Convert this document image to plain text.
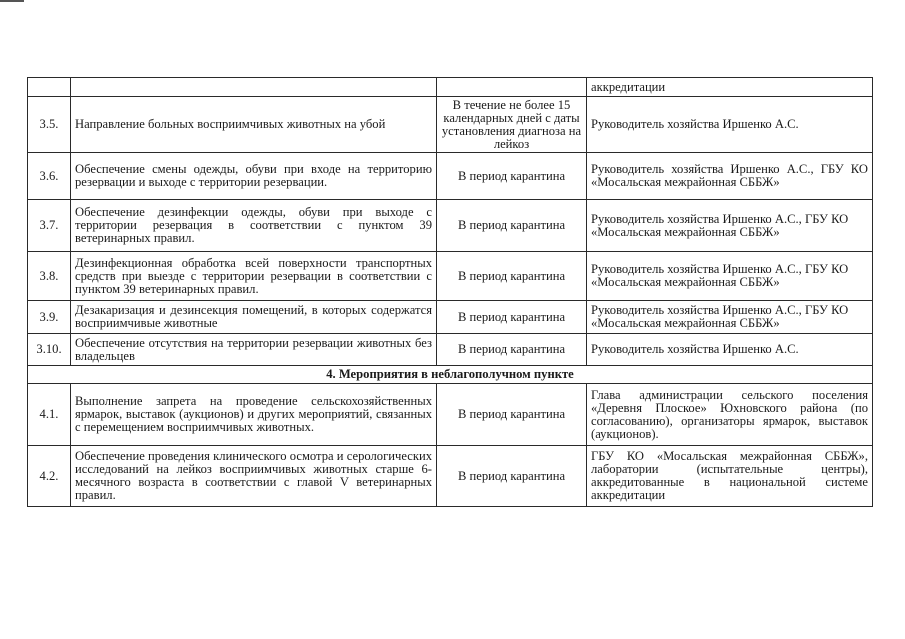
			аккредитации
3.5.	Направление больных восприимчивых животных на убой	В течение не более 15 календарных дней с даты установления диагноза на лейкоз	Руководитель хозяйства Иршенко А.С.
3.6.	Обеспечение смены одежды, обуви при входе на территорию резервации и выходе с территории резервации.	В период карантина	Руководитель хозяйства Иршенко А.С., ГБУ КО «Мосальская межрайонная СББЖ»
3.7.	Обеспечение дезинфекции одежды, обуви при выходе с территории резервация в соответствии с пунктом 39 ветеринарных правил.	В период карантина	Руководитель хозяйства Иршенко А.С., ГБУ КО «Мосальская межрайонная СББЖ»
3.8.	Дезинфекционная обработка всей поверхности транспортных средств при выезде с территории резервации в соответствии с пунктом 39 ветеринарных правил.	В период карантина	Руководитель хозяйства Иршенко А.С., ГБУ КО «Мосальская межрайонная СББЖ»
3.9.	Дезакаризация и дезинсекция помещений, в которых содержатся восприимчивые животные	В период карантина	Руководитель хозяйства Иршенко А.С., ГБУ КО «Мосальская межрайонная СББЖ»
3.10.	Обеспечение отсутствия на территории резервации животных без владельцев	В период карантина	Руководитель хозяйства Иршенко А.С.
4. Мероприятия в неблагополучном пункте			
4.1.	Выполнение запрета на проведение сельскохозяйственных ярмарок, выставок (аукционов) и других мероприятий, связанных с перемещением восприимчивых животных.	В период карантина	Глава администрации сельского поселения «Деревня Плоское» Юхновского района (по согласованию), организаторы ярмарок, выставок (аукционов).
4.2.	Обеспечение проведения клинического осмотра и серологических исследований на лейкоз восприимчивых животных старше 6-месячного возраста в соответствии с главой V ветеринарных правил.	В период карантина	ГБУ КО «Мосальская межрайонная СББЖ», лаборатории (испытательные центры), аккредитованные в национальной системе аккредитации
